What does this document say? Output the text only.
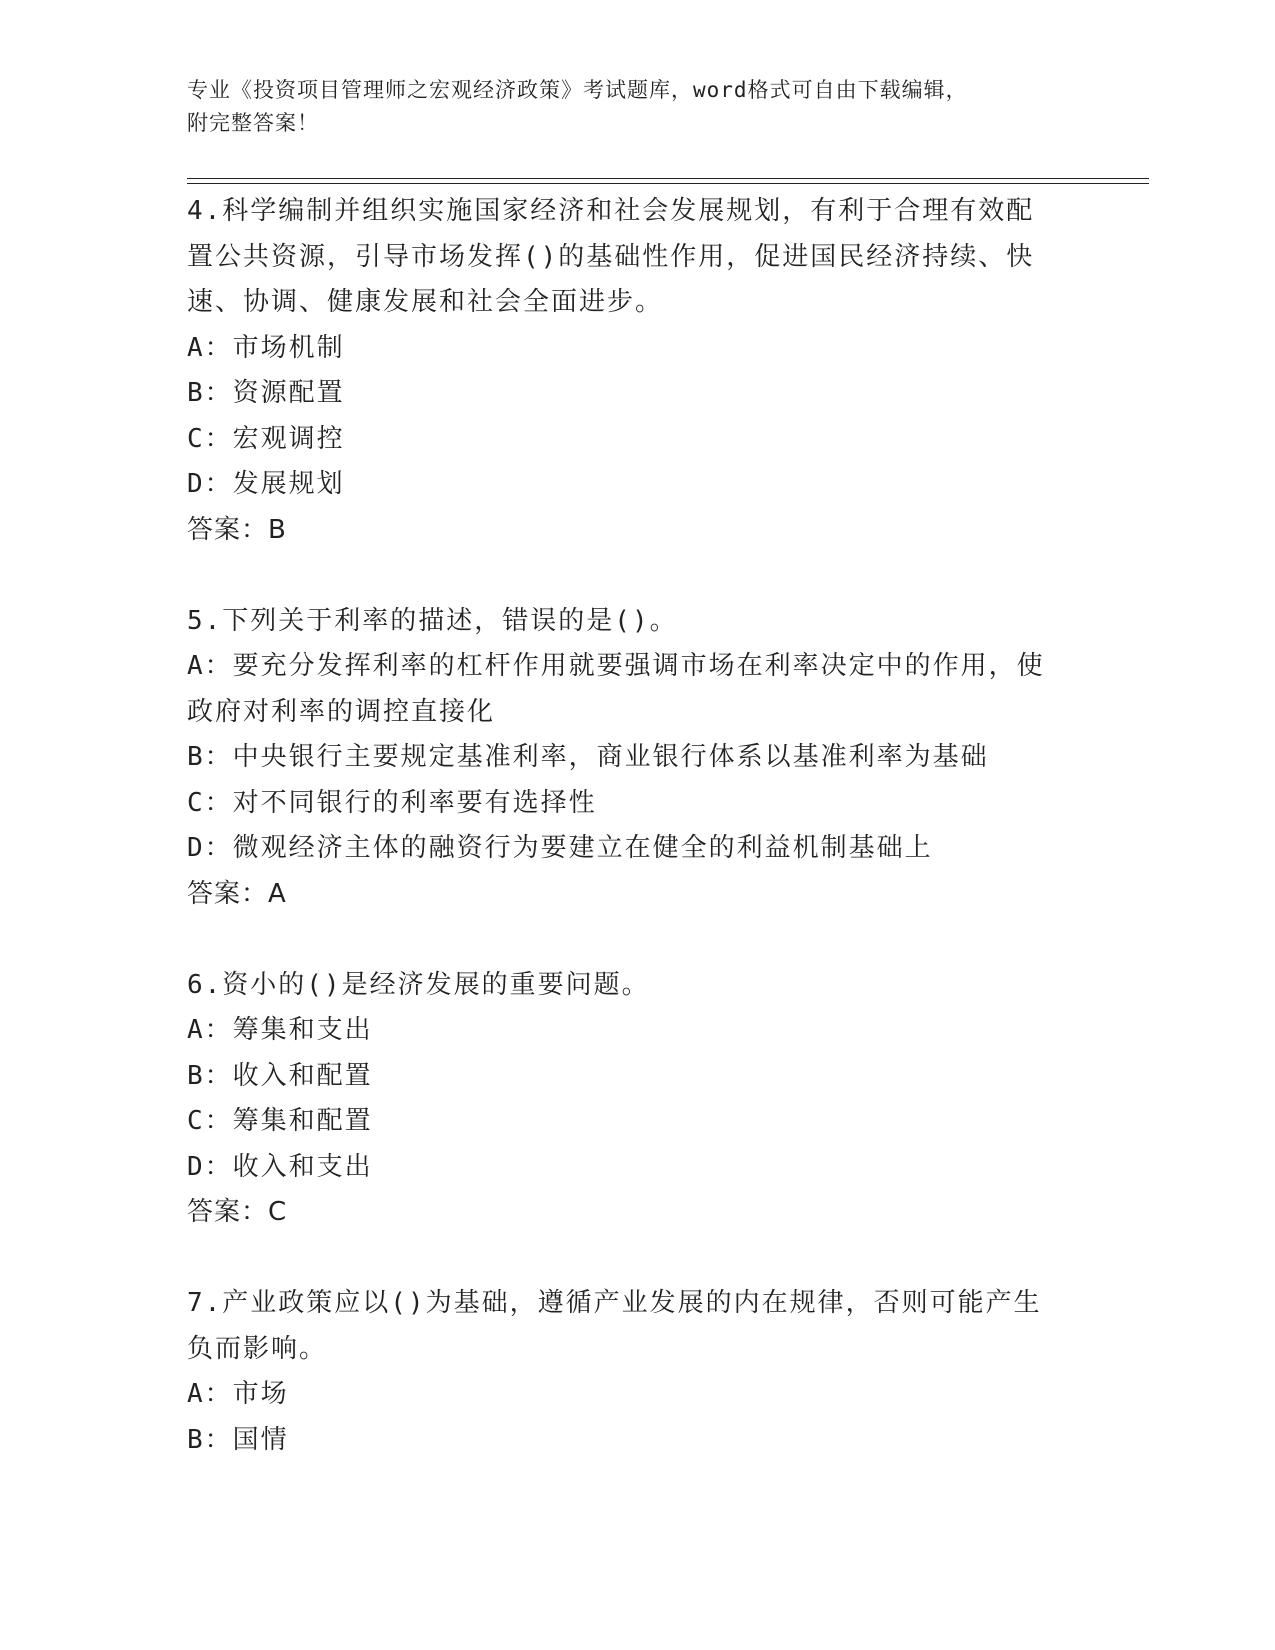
专业《投资项目管理师之宏观经济政策》考试题库，word格式可自由下载编辑，
附完整答案！
4.科学编制并组织实施国家经济和社会发展规划，有利于合理有效配
置公共资源，引导市场发挥()的基础性作用，促进国民经济持续、快
速、协调、健康发展和社会全面进步。
A：市场机制
B：资源配置
C：宏观调控
D：发展规划
答案：B
5.下列关于利率的描述，错误的是()。
A：要充分发挥利率的杠杆作用就要强调市场在利率决定中的作用，使
政府对利率的调控直接化
B：中央银行主要规定基准利率，商业银行体系以基准利率为基础
C：对不同银行的利率要有选择性
D：微观经济主体的融资行为要建立在健全的利益机制基础上
答案：A
6.资小的()是经济发展的重要问题。
A：筹集和支出
B：收入和配置
C：筹集和配置
D：收入和支出
答案：C
7.产业政策应以()为基础，遵循产业发展的内在规律，否则可能产生
负而影响。
A：市场
B：国情
